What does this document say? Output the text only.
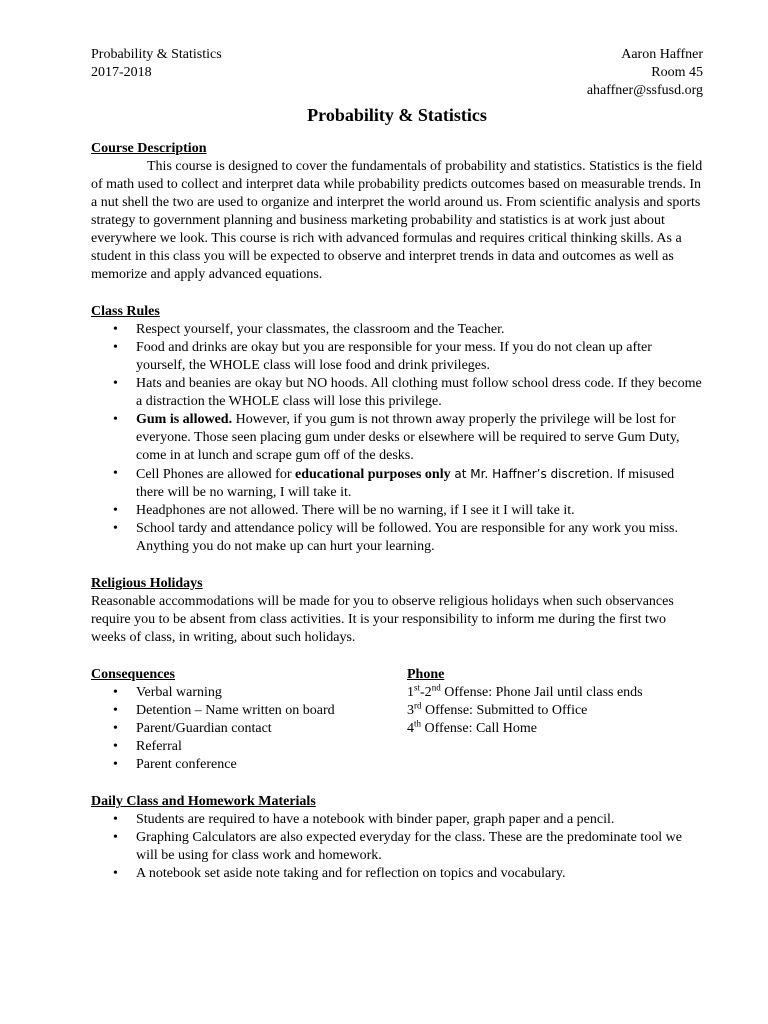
Probability & Statistics
2017-2018
Aaron Haffner
Room 45
ahaffner@ssfusd.org
Probability & Statistics
Course Description

This course is designed to cover the fundamentals of probability and statistics. Statistics is the field of math used to collect and interpret data while probability predicts outcomes based on measurable trends. In a nut shell the two are used to organize and interpret the world around us. From scientific analysis and sports strategy to government planning and business marketing probability and statistics is at work just about everywhere we look. This course is rich with advanced formulas and requires critical thinking skills. As a student in this class you will be expected to observe and interpret trends in data and outcomes as well as memorize and apply advanced equations.

Class Rules
• Respect yourself, your classmates, the classroom and the Teacher.
• Food and drinks are okay but you are responsible for your mess. If you do not clean up after yourself, the WHOLE class will lose food and drink privileges.
• Hats and beanies are okay but NO hoods. All clothing must follow school dress code. If they become a distraction the WHOLE class will lose this privilege.
• Gum is allowed. However, if you gum is not thrown away properly the privilege will be lost for everyone. Those seen placing gum under desks or elsewhere will be required to serve Gum Duty, come in at lunch and scrape gum off of the desks.
• Cell Phones are allowed for educational purposes only at Mr. Haffner’s discretion. If misused there will be no warning, I will take it.
• Headphones are not allowed. There will be no warning, if I see it I will take it.
• School tardy and attendance policy will be followed. You are responsible for any work you miss. Anything you do not make up can hurt your learning.
Religious Holidays

Reasonable accommodations will be made for you to observe religious holidays when such observances require you to be absent from class activities. It is your responsibility to inform me during the first two weeks of class, in writing, about such holidays.

Consequences
• Verbal warning
• Detention – Name written on board
• Parent/Guardian contact
• Referral
• Parent conference
Phone
1st-2nd Offense: Phone Jail until class ends
3rd Offense: Submitted to Office
4th Offense: Call Home
Daily Class and Homework Materials
• Students are required to have a notebook with binder paper, graph paper and a pencil.
• Graphing Calculators are also expected everyday for the class. These are the predominate tool we will be using for class work and homework.
• A notebook set aside note taking and for reflection on topics and vocabulary.
